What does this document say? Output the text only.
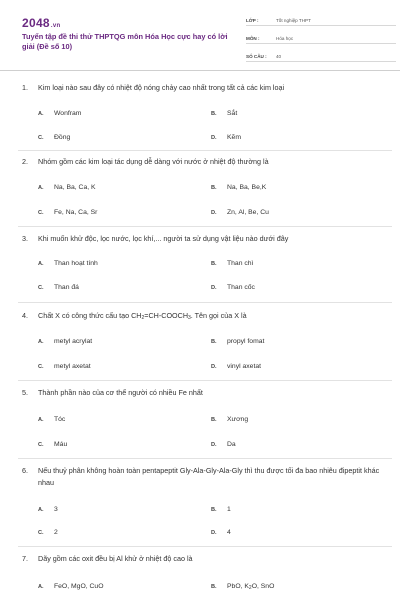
2048.vn
Tuyển tập đề thi thử THPTQG môn Hóa Học cực hay có lời giải (Đề số 10)
LỚP :	Tốt nghiệp THPT
MÔN :	Hóa học
SỐ CÂU :	40
1.	Kim loại nào sau đây có nhiệt độ nóng chảy cao nhất trong tất cả các kim loại
A.	Wonfram	B.	Sắt
C.	Đồng	D.	Kẽm
2.	Nhóm gồm các kim loại tác dụng dễ dàng với nước ở nhiệt độ thường là
A.	Na, Ba, Ca, K	B.	Na, Ba, Be,K
C.	Fe, Na, Ca, Sr	D.	Zn, Al, Be, Cu
3.	Khi muốn khử độc, lọc nước, lọc khí,... người ta sử dụng vật liệu nào dưới đây
A.	Than hoạt tính	B.	Than chì
C.	Than đá	D.	Than cốc
4.	Chất X có công thức cấu tạo $CH_2=CH-COOCH_3$. Tên gọi của X là
A.	metyl acrylat	B.	propyl fomat
C.	metyl axetat	D.	vinyl axetat
5.	Thành phần nào của cơ thể người có nhiều Fe nhất
A.	Tóc	B.	Xương
C.	Máu	D.	Da
6.	Nếu thuỷ phân không hoàn toàn pentapeptit Gly-Ala-Gly-Ala-Gly thì thu được tối đa bao nhiêu đipeptit khác nhau
A.	3	B.	1
C.	2	D.	4
7.	Dãy gồm các oxit đều bị Al khử ở nhiệt độ cao là
A.	FeO, MgO, CuO	B.	PbO, $K_2O$, SnO
